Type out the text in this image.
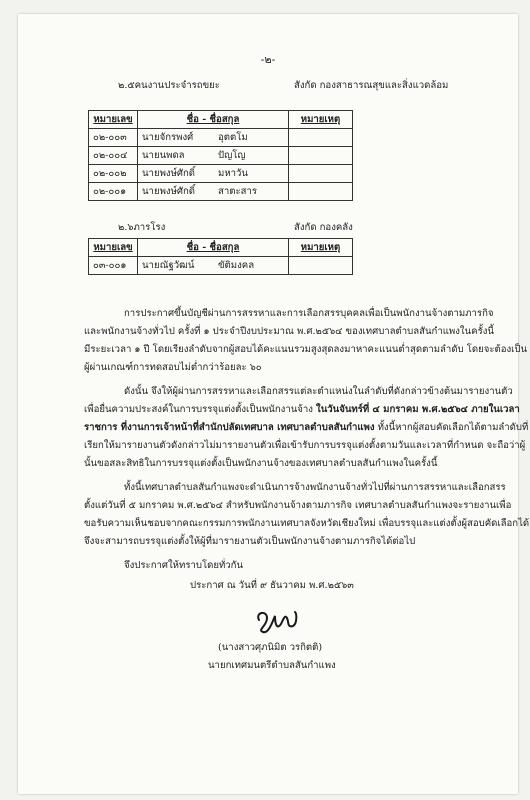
-๒-
๒.๕คนงานประจำรถขยะ	สังกัด กองสาธารณสุขและสิ่งแวดล้อม
หมายเลข	ชื่อ - ชื่อสกุล		หมายเหตุ
๐๒-๐๐๓	นายจักรพงศ์	อุตตโม	
๐๒-๐๐๔	นายนพดล	ปัญโญ	
๐๒-๐๐๒	นายพงษ์ศักดิ์	มหาวัน	
๐๒-๐๐๑	นายพงษ์ศักดิ์	สาตะสาร	
๒.๖ภารโรง	สังกัด กองคลัง
หมายเลข	ชื่อ - ชื่อสกุล		หมายเหตุ
๐๓-๐๐๑	นายณัฐวัฒน์	ขัติมงคล	
การประกาศขึ้นบัญชีผ่านการสรรหาและการเลือกสรรบุคคลเพื่อเป็นพนักงานจ้างตามภารกิจ
และพนักงานจ้างทั่วไป ครั้งที่ ๑ ประจำปีงบประมาณ พ.ศ.๒๕๖๔ ของเทศบาลตำบลสันกำแพงในครั้งนี้
มีระยะเวลา ๑ ปี โดยเรียงลำดับจากผู้สอบได้คะแนนรวมสูงสุดลงมาหาคะแนนต่ำสุดตามลำดับ โดยจะต้องเป็น
ผู้ผ่านเกณฑ์การทดสอบไม่ต่ำกว่าร้อยละ ๖๐
ดังนั้น จึงให้ผู้ผ่านการสรรหาและเลือกสรรแต่ละตำแหน่งในลำดับที่ดังกล่าวข้างต้นมารายงานตัว
เพื่อยื่นความประสงค์ในการบรรจุแต่งตั้งเป็นพนักงานจ้าง ในวันจันทร์ที่ ๔ มกราคม พ.ศ.๒๕๖๔ ภายในเวลา
ราชการ ที่งานการเจ้าหน้าที่สำนักปลัดเทศบาล เทศบาลตำบลสันกำแพง ทั้งนี้หากผู้สอบคัดเลือกได้ตามลำดับที่
เรียกให้มารายงานตัวดังกล่าวไม่มารายงานตัวเพื่อเข้ารับการบรรจุแต่งตั้งตามวันและเวลาที่กำหนด จะถือว่าผู้
นั้นขอสละสิทธิในการบรรจุแต่งตั้งเป็นพนักงานจ้างของเทศบาลตำบลสันกำแพงในครั้งนี้
ทั้งนี้เทศบาลตำบลสันกำแพงจะดำเนินการจ้างพนักงานจ้างทั่วไปที่ผ่านการสรรหาและเลือกสรร
ตั้งแต่วันที่ ๕ มกราคม พ.ศ.๒๕๖๔ สำหรับพนักงานจ้างตามภารกิจ เทศบาลตำบลสันกำแพงจะรายงานเพื่อ
ขอรับความเห็นชอบจากคณะกรรมการพนักงานเทศบาลจังหวัดเชียงใหม่ เพื่อบรรจุและแต่งตั้งผู้สอบคัดเลือกได้
จึงจะสามารถบรรจุแต่งตั้งให้ผู้ที่มารายงานตัวเป็นพนักงานจ้างตามภารกิจได้ต่อไป
จึงประกาศให้ทราบโดยทั่วกัน
ประกาศ ณ วันที่ ๙ ธันวาคม พ.ศ.๒๕๖๓
(นางสาวศุภนิมิต วรกิตติ)
นายกเทศมนตรีตำบลสันกำแพง
